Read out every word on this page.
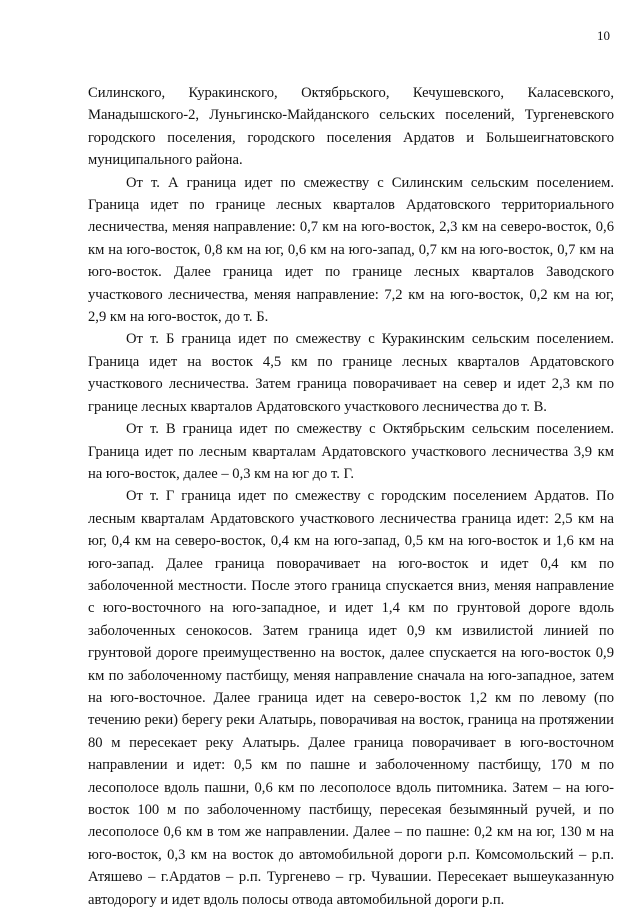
10

Силинского, Куракинского, Октябрьского, Кечушевского, Каласевского, Манадышского-2, Луньгинско-Майданского сельских поселений, Тургеневского городского поселения, городского поселения Ардатов и Большеигнатовского муниципального района.

От т. А граница идет по смежеству с Силинским сельским поселением. Граница идет по границе лесных кварталов Ардатовского территориального лесничества, меняя направление: 0,7 км на юго-восток, 2,3 км на северо-восток, 0,6 км на юго-восток, 0,8 км на юг, 0,6 км на юго-запад, 0,7 км на юго-восток, 0,7 км на юго-восток. Далее граница идет по границе лесных кварталов Заводского участкового лесничества, меняя направление: 7,2 км на юго-восток, 0,2 км на юг, 2,9 км на юго-восток, до т. Б.

От т. Б граница идет по смежеству с Куракинским сельским поселением. Граница идет на восток 4,5 км по границе лесных кварталов Ардатовского участкового лесничества. Затем граница поворачивает на север и идет 2,3 км по границе лесных кварталов Ардатовского участкового лесничества до т. В.

От т. В граница идет по смежеству с Октябрьским сельским поселением. Граница идет по лесным кварталам Ардатовского участкового лесничества 3,9 км на юго-восток, далее – 0,3 км на юг до т. Г.

От т. Г граница идет по смежеству с городским поселением Ардатов. По лесным кварталам Ардатовского участкового лесничества граница идет: 2,5 км на юг, 0,4 км на северо-восток, 0,4 км на юго-запад, 0,5 км на юго-восток и 1,6 км на юго-запад. Далее граница поворачивает на юго-восток и идет 0,4 км по заболоченной местности. После этого граница спускается вниз, меняя направление с юго-восточного на юго-западное, и идет 1,4 км по грунтовой дороге вдоль заболоченных сенокосов. Затем граница идет 0,9 км извилистой линией по грунтовой дороге преимущественно на восток, далее спускается на юго-восток 0,9 км по заболоченному пастбищу, меняя направление сначала на юго-западное, затем на юго-восточное. Далее граница идет на северо-восток 1,2 км по левому (по течению реки) берегу реки Алатырь, поворачивая на восток, граница на протяжении 80 м пересекает реку Алатырь. Далее граница поворачивает в юго-восточном направлении и идет: 0,5 км по пашне и заболоченному пастбищу, 170 м по лесополосе вдоль пашни, 0,6 км по лесополосе вдоль питомника. Затем – на юго-восток 100 м по заболоченному пастбищу, пересекая безымянный ручей, и по лесополосе 0,6 км в том же направлении. Далее – по пашне: 0,2 км на юг, 130 м на юго-восток, 0,3 км на восток до автомобильной дороги р.п. Комсомольский – р.п. Атяшево – г.Ардатов – р.п. Тургенево – гр. Чувашии. Пересекает вышеуказанную автодорогу и идет вдоль полосы отвода автомобильной дороги р.п.
